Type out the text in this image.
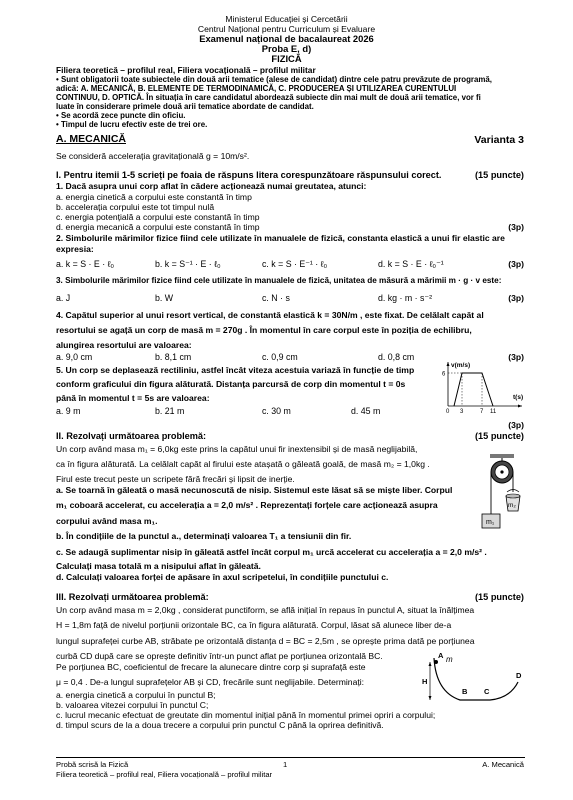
Ministerul Educației și Cercetării
Centrul Național pentru Curriculum și Evaluare
Examenul național de bacalaureat 2026
Proba E, d)
FIZICĂ
Filiera teoretică – profilul real, Filiera vocațională – profilul militar
• Sunt obligatorii toate subiectele din două arii tematice (alese de candidat) dintre cele patru prevăzute de programă,
adică: A. MECANICĂ, B. ELEMENTE DE TERMODINAMICĂ, C. PRODUCEREA ȘI UTILIZAREA CURENTULUI
CONTINUU, D. OPTICĂ. În situația în care candidatul abordează subiecte din mai mult de două arii tematice, vor fi
luate în considerare primele două arii tematice abordate de candidat.
• Se acordă zece puncte din oficiu.
• Timpul de lucru efectiv este de trei ore.
A. MECANICĂ	Varianta 3
Se consideră accelerația gravitațională g = 10m/s².
I. Pentru itemii 1-5 scrieți pe foaia de răspuns litera corespunzătoare răspunsului corect.	(15 puncte)
1. Dacă asupra unui corp aflat în cădere acționează numai greutatea, atunci:
a. energia cinetică a corpului este constantă în timp
b. accelerația corpului este tot timpul nulă
c. energia potențială a corpului este constantă în timp
d. energia mecanică a corpului este constantă în timp	(3p)
2. Simbolurile mărimilor fizice fiind cele utilizate în manualele de fizică, constanta elastică a unui fir elastic are
expresia:
a. k = S · E · ℓ₀	b. k = S⁻¹ · E · ℓ₀	c. k = S · E⁻¹ · ℓ₀	d. k = S · E · ℓ₀⁻¹	(3p)
3. Simbolurile mărimilor fizice fiind cele utilizate în manualele de fizică, unitatea de măsură a mărimii m · g · v este:
a. J	b. W	c. N · s	d. kg · m · s⁻²	(3p)
4. Capătul superior al unui resort vertical, de constantă elastică k = 30N/m , este fixat. De celălalt capăt al
resortului se agață un corp de masă m = 270g . În momentul în care corpul este în poziția de echilibru,
alungirea resortului are valoarea:
a. 9,0 cm	b. 8,1 cm	c. 0,9 cm	d. 0,8 cm	(3p)
5. Un corp se deplasează rectiliniu, astfel încât viteza acestuia variază în funcție de timp
conform graficului din figura alăturată. Distanța parcursă de corp din momentul t = 0s
până în momentul t = 5s are valoarea:
a. 9 m	b. 21 m	c. 30 m	d. 45 m
(3p)
v(m/s)
t(s)
6
0 3	7 11
II. Rezolvați următoarea problemă:	(15 puncte)
Un corp având masa m₁ = 6,0kg este prins la capătul unui fir inextensibil și de masă neglijabilă,
ca în figura alăturată. La celălalt capăt al firului este atașată o găleată goală, de masă m₂ = 1,0kg .
Firul este trecut peste un scripete fără frecări și lipsit de inerție.
a. Se toarnă în găleată o masă necunoscută de nisip. Sistemul este lăsat să se miște liber. Corpul
m₁ coboară accelerat, cu accelerația a = 2,0 m/s² . Reprezentați forțele care acționează asupra
corpului având masa m₁.
b. În condițiile de la punctul a., determinați valoarea T₁ a tensiunii din fir.
c. Se adaugă suplimentar nisip în găleată astfel încât corpul m₁ urcă accelerat cu accelerația a = 2,0 m/s² .
Calculați masa totală m a nisipului aflat în găleată.
d. Calculați valoarea forței de apăsare în axul scripetelui, în condițiile punctului c.
m₁
m₂
III. Rezolvați următoarea problemă:	(15 puncte)
Un corp având masa m = 2,0kg , considerat punctiform, se află inițial în repaus în punctul A, situat la înălțimea
H = 1,8m față de nivelul porțiunii orizontale BC, ca în figura alăturată. Corpul, lăsat să alunece liber de-a
lungul suprafeței curbe AB, străbate pe orizontală distanța d = BC = 2,5m , se oprește prima dată pe porțiunea
curbă CD după care se oprește definitiv într-un punct aflat pe porțiunea orizontală BC.
Pe porțiunea BC, coeficientul de frecare la alunecare dintre corp și suprafață este
μ = 0,4 . De-a lungul suprafețelor AB și CD, frecările sunt neglijabile. Determinați:
a. energia cinetică a corpului în punctul B;
b. valoarea vitezei corpului în punctul C;
c. lucrul mecanic efectuat de greutate din momentul inițial până în momentul primei opriri a corpului;
d. timpul scurs de la a doua trecere a corpului prin punctul C până la oprirea definitivă.
A m
H
B C
D
Probă scrisă la Fizică	1	A. Mecanică
Filiera teoretică – profilul real, Filiera vocațională – profilul militar
